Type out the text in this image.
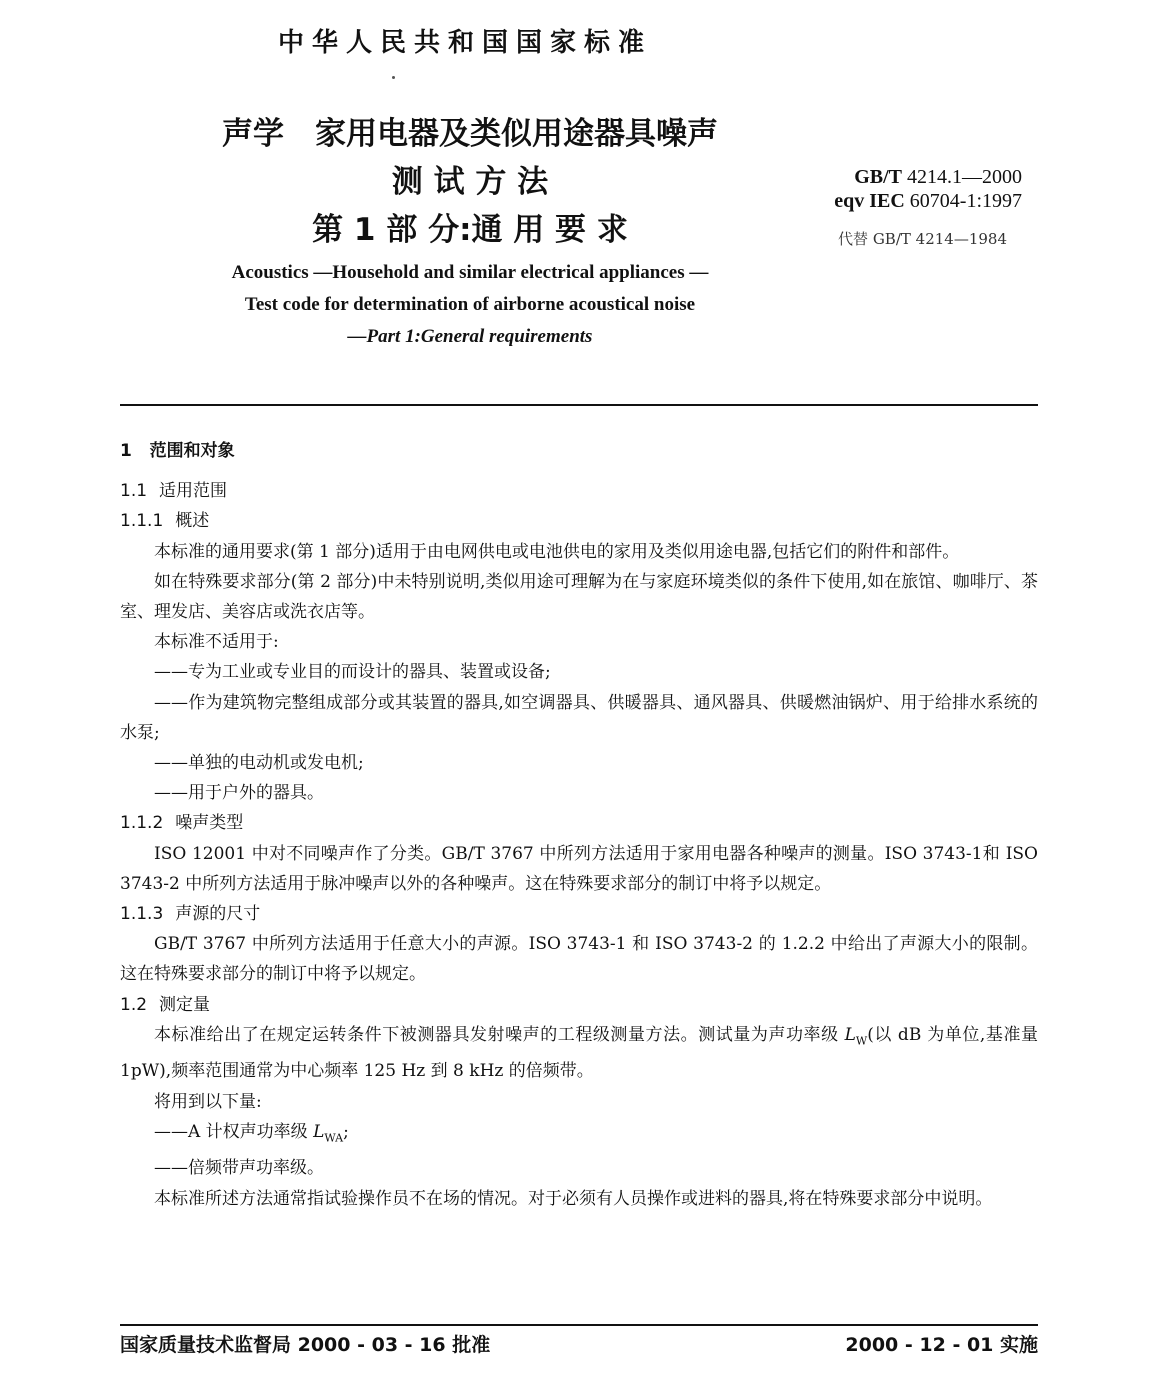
中华人民共和国国家标准
声学　家用电器及类似用途器具噪声
测 试 方 法
第 1 部 分:通 用 要 求
GB/T 4214.1—2000
eqv IEC 60704-1:1997
代替 GB/T 4214—1984
Acoustics —Household and similar electrical appliances —
Test code for determination of airborne acoustical noise
—Part 1:General requirements

1 范围和对象

1.1 适用范围

1.1.1 概述

本标准的通用要求(第 1 部分)适用于由电网供电或电池供电的家用及类似用途电器,包括它们的附件和部件。

如在特殊要求部分(第 2 部分)中未特别说明,类似用途可理解为在与家庭环境类似的条件下使用,如在旅馆、咖啡厅、茶室、理发店、美容店或洗衣店等。

本标准不适用于:

——专为工业或专业目的而设计的器具、装置或设备;

——作为建筑物完整组成部分或其装置的器具,如空调器具、供暖器具、通风器具、供暖燃油锅炉、用于给排水系统的水泵;

——单独的电动机或发电机;

——用于户外的器具。

1.1.2 噪声类型

ISO 12001 中对不同噪声作了分类。GB/T 3767 中所列方法适用于家用电器各种噪声的测量。ISO 3743-1和 ISO 3743-2 中所列方法适用于脉冲噪声以外的各种噪声。这在特殊要求部分的制订中将予以规定。

1.1.3 声源的尺寸

GB/T 3767 中所列方法适用于任意大小的声源。ISO 3743-1 和 ISO 3743-2 的 1.2.2 中给出了声源大小的限制。这在特殊要求部分的制订中将予以规定。

1.2 测定量

本标准给出了在规定运转条件下被测器具发射噪声的工程级测量方法。测试量为声功率级 $L_W$(以 dB 为单位,基准量 1pW),频率范围通常为中心频率 125 Hz 到 8 kHz 的倍频带。

将用到以下量:

——A 计权声功率级 $L_{WA}$;

——倍频带声功率级。

本标准所述方法通常指试验操作员不在场的情况。对于必须有人员操作或进料的器具,将在特殊要求部分中说明。

国家质量技术监督局 2000 - 03 - 16 批准	2000 - 12 - 01 实施
